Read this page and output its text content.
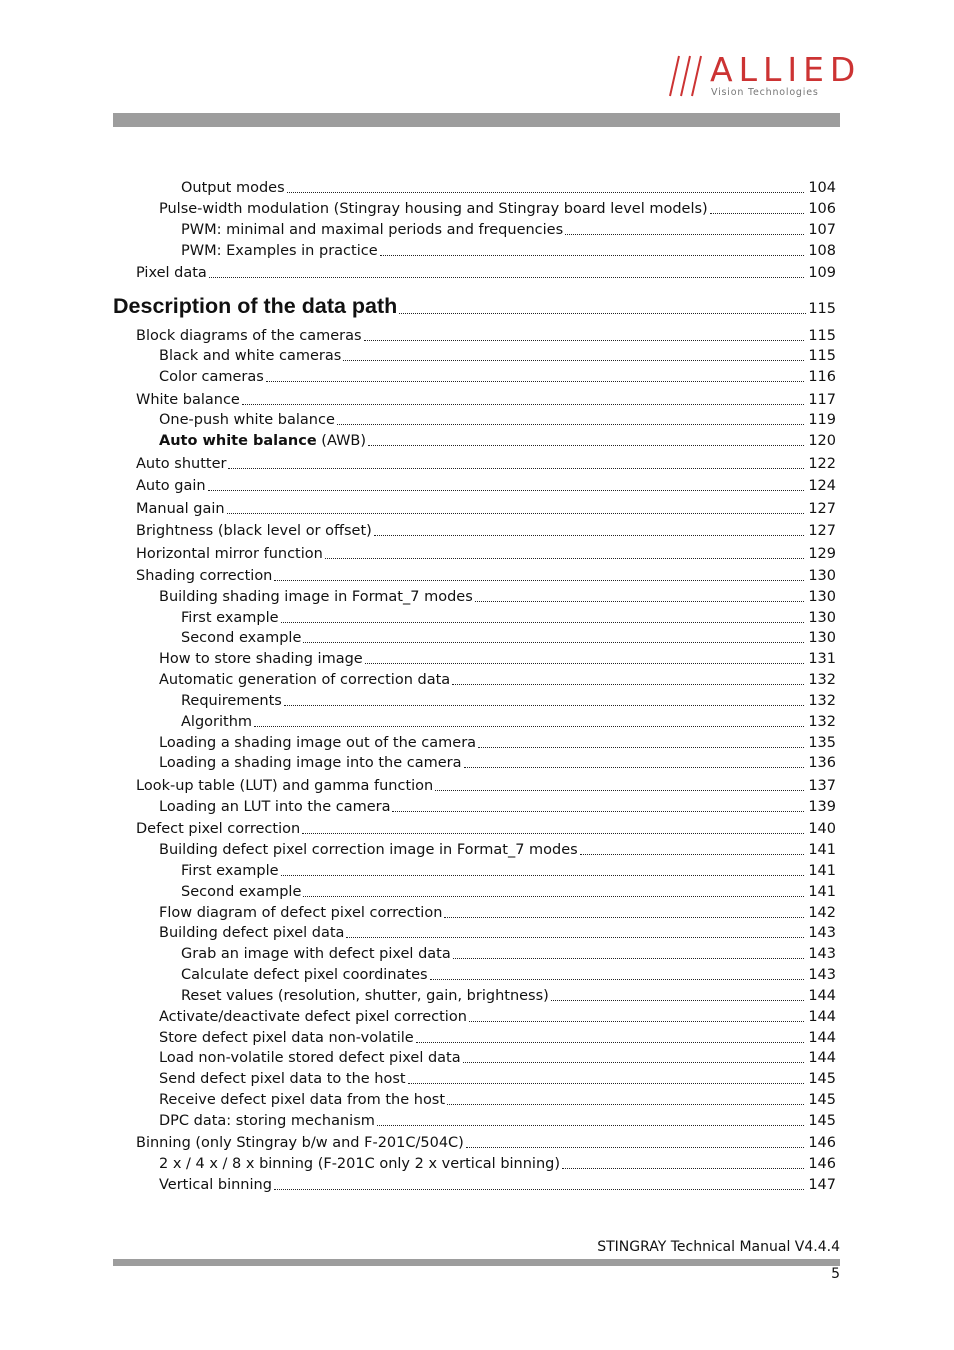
ALLIED
Vision Technologies
Output modes	104
Pulse-width modulation (Stingray housing and Stingray board level models)	106
PWM: minimal and maximal periods and frequencies	107
PWM: Examples in practice	108
Pixel data	109
Description of the data path	115
Block diagrams of the cameras	115
Black and white cameras	115
Color cameras	116
White balance	117
One-push white balance	119
Auto white balance (AWB)	120
Auto shutter	122
Auto gain	124
Manual gain	127
Brightness (black level or offset)	127
Horizontal mirror function	129
Shading correction	130
Building shading image in Format_7 modes	130
First example	130
Second example	130
How to store shading image	131
Automatic generation of correction data	132
Requirements	132
Algorithm	132
Loading a shading image out of the camera	135
Loading a shading image into the camera	136
Look-up table (LUT) and gamma function	137
Loading an LUT into the camera	139
Defect pixel correction	140
Building defect pixel correction image in Format_7 modes	141
First example	141
Second example	141
Flow diagram of defect pixel correction	142
Building defect pixel data	143
Grab an image with defect pixel data	143
Calculate defect pixel coordinates	143
Reset values (resolution, shutter, gain, brightness)	144
Activate/deactivate defect pixel correction	144
Store defect pixel data non-volatile	144
Load non-volatile stored defect pixel data	144
Send defect pixel data to the host	145
Receive defect pixel data from the host	145
DPC data: storing mechanism	145
Binning (only Stingray b/w and F-201C/504C)	146
2 x / 4 x / 8 x binning (F-201C only 2 x vertical binning)	146
Vertical binning	147
STINGRAY Technical Manual V4.4.4
5
